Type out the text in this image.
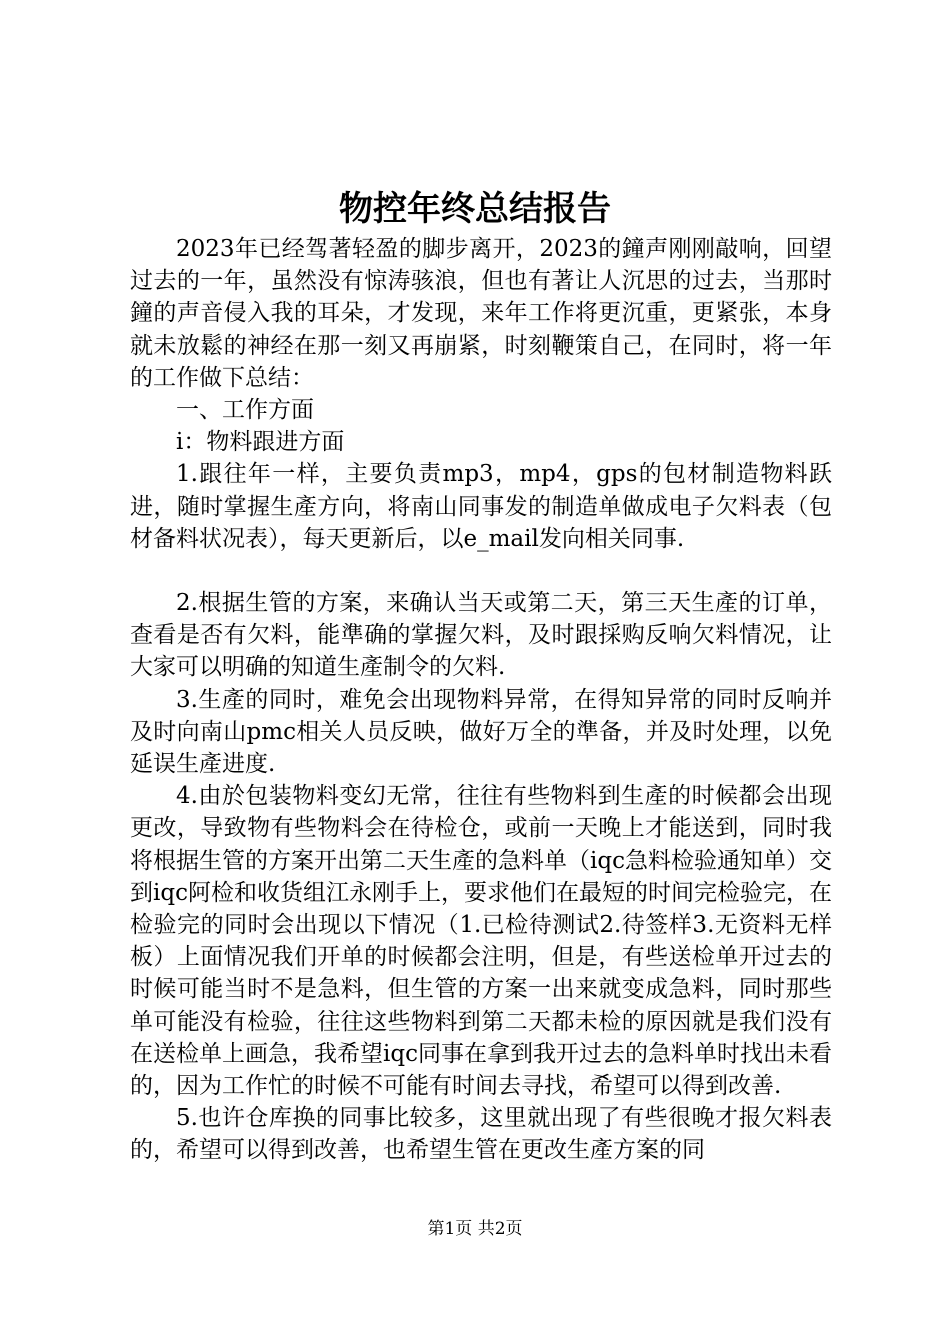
物控年终总结报告

2023年已经驾著轻盈的脚步离开，2023的鐘声刚刚敲响，回望过去的一年，虽然没有惊涛骇浪，但也有著让人沉思的过去，当那时鐘的声音侵入我的耳朵，才发现，来年工作将更沉重，更紧张，本身就未放鬆的神经在那一刻又再崩紧，时刻鞭策自己，在同时，将一年的工作做下总结：

一、工作方面

i：物料跟进方面

1.跟往年一样，主要负责mp3，mp4，gps的包材制造物料跃进，随时掌握生產方向，将南山同事发的制造单做成电子欠料表（包材备料状况表），每天更新后，以e_mail发向相关同事.

2.根据生管的方案，来确认当天或第二天，第三天生產的订单，查看是否有欠料，能準确的掌握欠料，及时跟採购反响欠料情况，让大家可以明确的知道生產制令的欠料.

3.生產的同时，难免会出现物料异常，在得知异常的同时反响并及时向南山pmc相关人员反映，做好万全的準备，并及时处理，以免延误生產进度.

4.由於包装物料变幻无常，往往有些物料到生產的时候都会出现更改，导致物有些物料会在待检仓，或前一天晚上才能送到，同时我将根据生管的方案开出第二天生產的急料单（iqc急料检验通知单）交到iqc阿检和收货组江永刚手上，要求他们在最短的时间完检验完，在检验完的同时会出现以下情况（1.已检待测试2.待签样3.无资料无样板）上面情况我们开单的时候都会注明，但是，有些送检单开过去的时候可能当时不是急料，但生管的方案一出来就变成急料，同时那些单可能没有检验，往往这些物料到第二天都未检的原因就是我们没有在送检单上画急，我希望iqc同事在拿到我开过去的急料单时找出未看的，因为工作忙的时候不可能有时间去寻找，希望可以得到改善.

5.也许仓库换的同事比较多，这里就出现了有些很晚才报欠料表的，希望可以得到改善，也希望生管在更改生產方案的同

第1页 共2页
